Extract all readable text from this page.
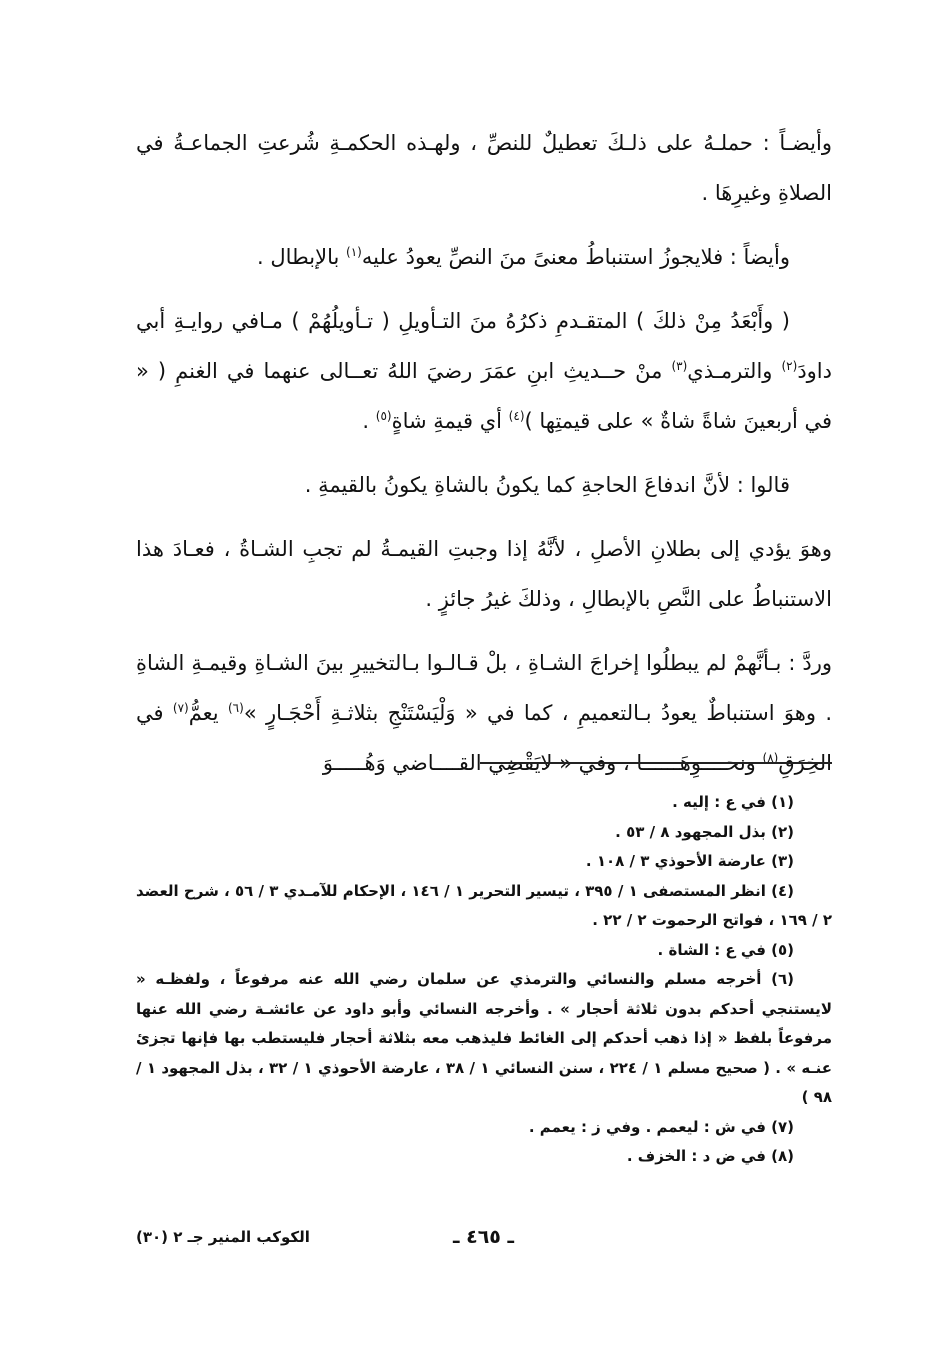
وأيضـاً : حملـهُ على ذلـكَ تعطيلٌ للنصِّ ، ولهـذه الحكمـةِ شُرعتِ الجماعـةُ في الصلاةِ وغيرِهَا .

وأيضاً : فلايجوزُ استنباطُ معنىً منَ النصِّ يعودُ عليه$^{(١)}$ بالإبطال .

( وأَبْعَدُ مِنْ ذلكَ ) المتقـدمِ ذكرُهُ منَ التـأويلِ ( تـأويلُهُمْ ) مـافي روايـةِ أبي داودَ$^{(٢)}$ والترمـذي$^{(٣)}$ منْ حــديثِ ابنِ عمَرَ رضيَ اللهُ تعــالى عنهما في الغنمِ ( « في أربعينَ شاةً شاةٌ » على قيمتِها )$^{(٤)}$ أي قيمةِ شاةٍ$^{(٥)}$ .

قالوا : لأنَّ اندفاعَ الحاجةِ كما يكونُ بالشاةِ يكونُ بالقيمةِ .

وهوَ يؤدي إلى بطلانِ الأصلِ ، لأنَّهُ إذا وجبتِ القيمـةُ لم تجبِ الشـاةُ ، فعـادَ هذا الاستنباطُ على النَّصِ بالإبطالِ ، وذلكَ غيرُ جائزٍ .

وردَّ : بـأنَّهمْ لم يبطلُوا إخراجَ الشـاةِ ، بلْ قـالـوا بـالتخييرِ بينَ الشـاةِ وقيمـةِ الشاةِ . وهوَ استنباطٌ يعودُ بـالتعميمِ ، كما في « وَلْيَسْتَنْجِ بثلاثـةِ أَحْجَـارٍ »$^{(٦)}$ يعمُّ$^{(٧)}$ في الخِرَقِ$^{(٨)}$ ونحــــوِهَــــــا ، وفي « لايَقْضِي القــــاضي وَهُـــــوَ

(١) في ع : إليه .

(٢) بذل المجهود ٨ / ٥٣ .

(٣) عارضة الأحوذي ٣ / ١٠٨ .

(٤) انظر المستصفى ١ / ٣٩٥ ، تيسير التحرير ١ / ١٤٦ ، الإحكام للآمـدي ٣ / ٥٦ ، شرح العضد ٢ / ١٦٩ ، فواتح الرحموت ٢ / ٢٢ .

(٥) في ع : الشاة .

(٦) أخرجه مسلم والنسائي والترمذي عن سلمان رضي الله عنه مرفوعاً ، ولفظـه « لايستنجي أحدكم بدون ثلاثة أحجار » . وأخرجه النسائي وأبو داود عن عائشـة رضي الله عنها مرفوعاً بلفظ « إذا ذهب أحدكم إلى الغائط فليذهب معه بثلاثة أحجار فليستطب بها فإنها تجزئ عنـه » . ( صحيح مسلم ١ / ٢٢٤ ، سنن النسائي ١ / ٣٨ ، عارضة الأحوذي ١ / ٣٢ ، بذل المجهود ١ / ٩٨ )

(٧) في ش : ليعمم . وفي ز : يعمم .

(٨) في ض د : الخزف .

ـ ٤٦٥ ـ
الكوكب المنير جـ ٢ (٣٠)
